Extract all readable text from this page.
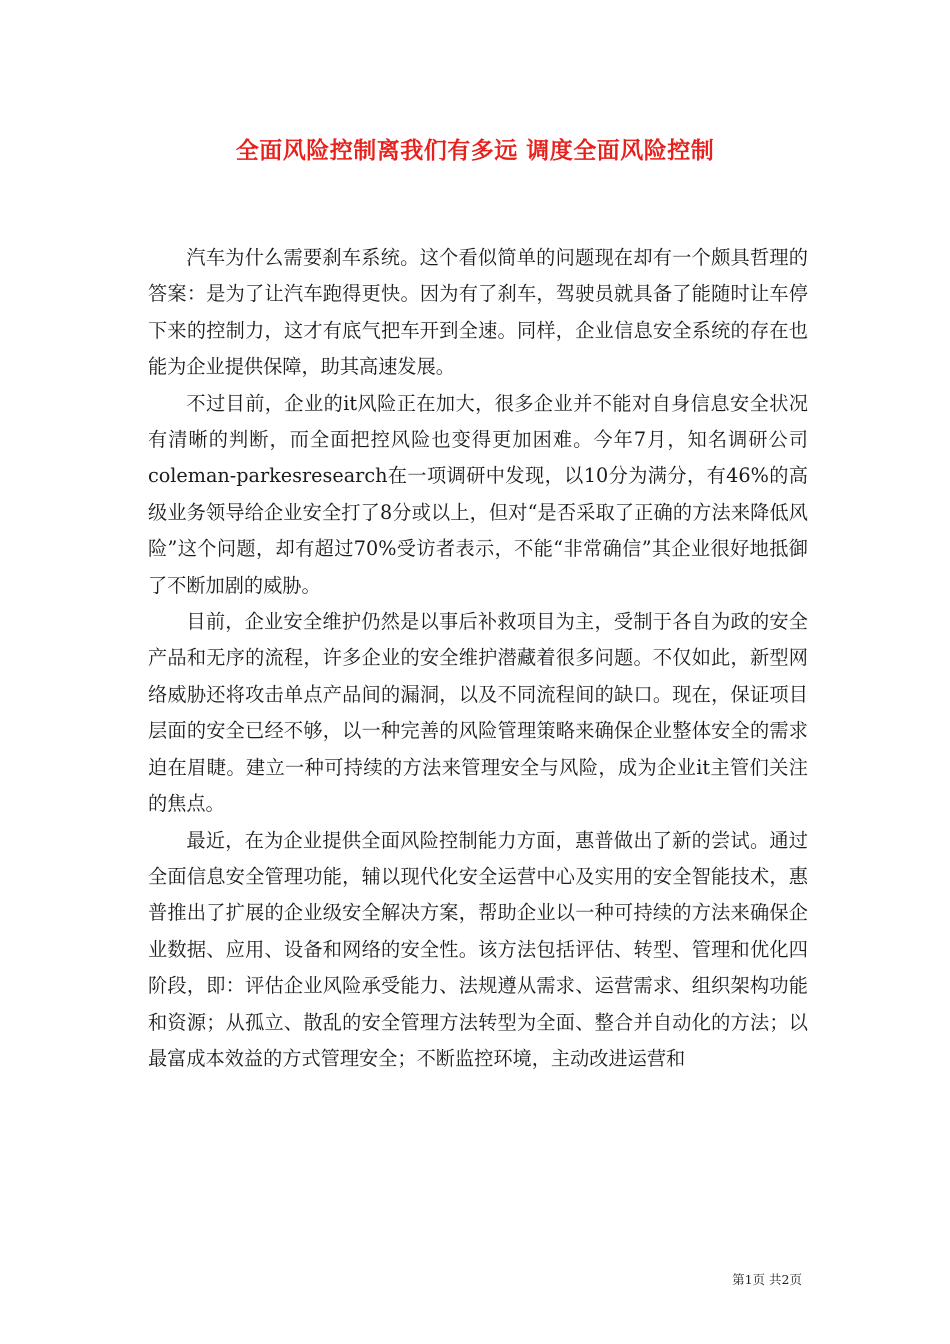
全面风险控制离我们有多远 调度全面风险控制

汽车为什么需要刹车系统。这个看似简单的问题现在却有一个颇具哲理的答案：是为了让汽车跑得更快。因为有了刹车，驾驶员就具备了能随时让车停下来的控制力，这才有底气把车开到全速。同样，企业信息安全系统的存在也能为企业提供保障，助其高速发展。

不过目前，企业的it风险正在加大，很多企业并不能对自身信息安全状况有清晰的判断，而全面把控风险也变得更加困难。今年7月，知名调研公司coleman-parkesresearch在一项调研中发现，以10分为满分，有46%的高级业务领导给企业安全打了8分或以上，但对“是否采取了正确的方法来降低风险”这个问题，却有超过70%受访者表示，不能“非常确信”其企业很好地抵御了不断加剧的威胁。

目前，企业安全维护仍然是以事后补救项目为主，受制于各自为政的安全产品和无序的流程，许多企业的安全维护潜藏着很多问题。不仅如此，新型网络威胁还将攻击单点产品间的漏洞，以及不同流程间的缺口。现在，保证项目层面的安全已经不够，以一种完善的风险管理策略来确保企业整体安全的需求迫在眉睫。建立一种可持续的方法来管理安全与风险，成为企业it主管们关注的焦点。

最近，在为企业提供全面风险控制能力方面，惠普做出了新的尝试。通过全面信息安全管理功能，辅以现代化安全运营中心及实用的安全智能技术，惠普推出了扩展的企业级安全解决方案，帮助企业以一种可持续的方法来确保企业数据、应用、设备和网络的安全性。该方法包括评估、转型、管理和优化四阶段，即：评估企业风险承受能力、法规遵从需求、运营需求、组织架构功能和资源；从孤立、散乱的安全管理方法转型为全面、整合并自动化的方法；以最富成本效益的方式管理安全；不断监控环境，主动改进运营和

第1页 共2页
